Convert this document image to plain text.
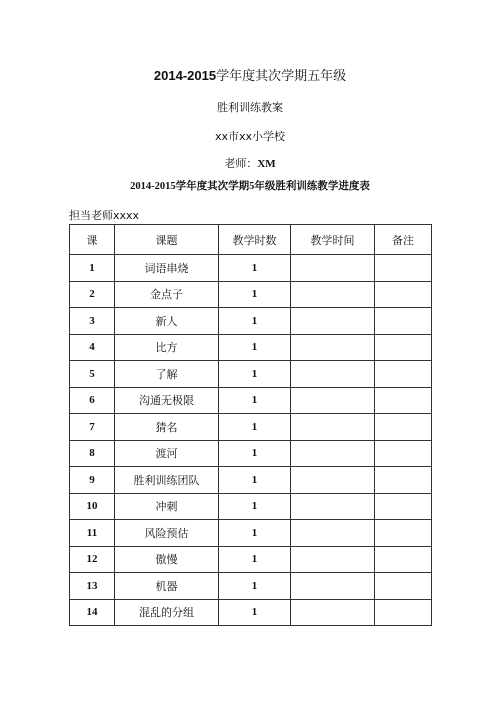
2014-2015学年度其次学期五年级
胜利训练教案
xx市xx小学校
老师：XM
2014-2015学年度其次学期5年级胜利训练教学进度表
担当老师xxxx
课	课题	教学时数	教学时间	备注
1	词语串烧	1		
2	金点子	1		
3	新人	1		
4	比方	1		
5	了解	1		
6	沟通无极限	1		
7	猜名	1		
8	渡河	1		
9	胜利训练团队	1		
10	冲刺	1		
11	风险预估	1		
12	傲慢	1		
13	机器	1		
14	混乱的分组	1		
